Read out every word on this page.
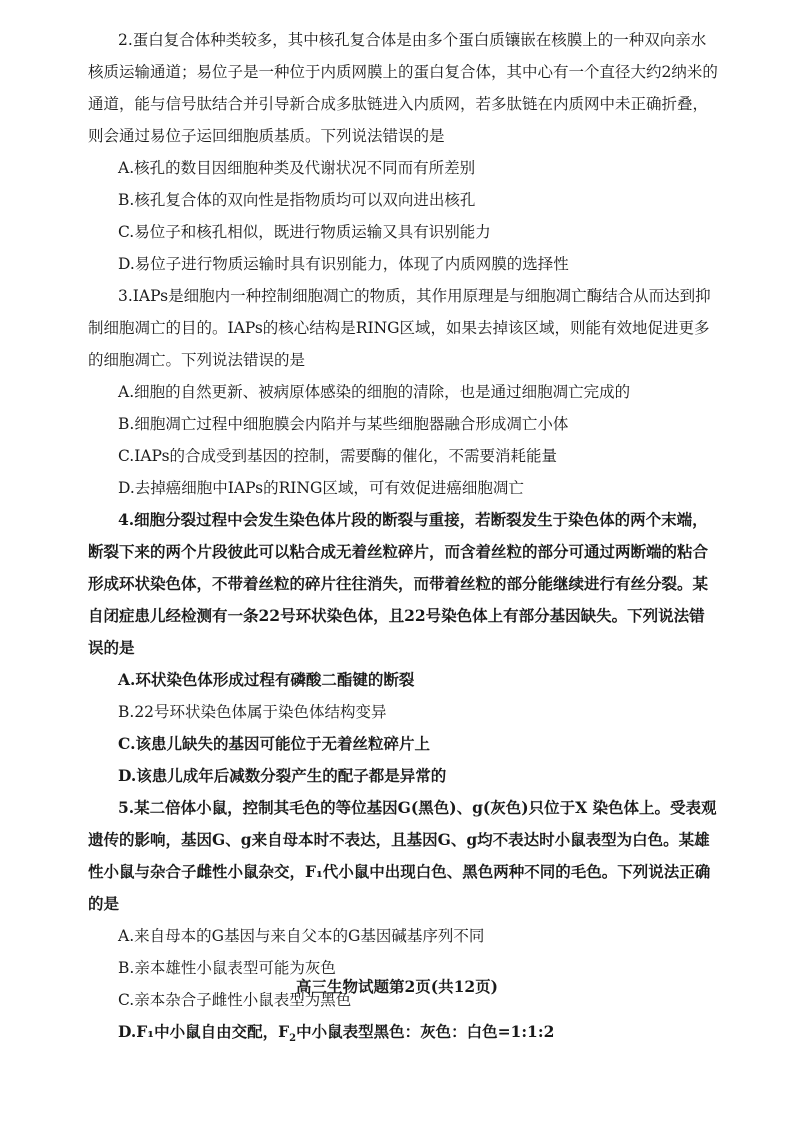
2.蛋白复合体种类较多，其中核孔复合体是由多个蛋白质镶嵌在核膜上的一种双向亲水核质运输通道；易位子是一种位于内质网膜上的蛋白复合体，其中心有一个直径大约2纳米的通道，能与信号肽结合并引导新合成多肽链进入内质网，若多肽链在内质网中未正确折叠，则会通过易位子运回细胞质基质。下列说法错误的是

A.核孔的数目因细胞种类及代谢状况不同而有所差别

B.核孔复合体的双向性是指物质均可以双向进出核孔

C.易位子和核孔相似，既进行物质运输又具有识别能力

D.易位子进行物质运输时具有识别能力，体现了内质网膜的选择性

3.IAPs是细胞内一种控制细胞凋亡的物质，其作用原理是与细胞凋亡酶结合从而达到抑制细胞凋亡的目的。IAPs的核心结构是RING区域，如果去掉该区域，则能有效地促进更多的细胞凋亡。下列说法错误的是

A.细胞的自然更新、被病原体感染的细胞的清除，也是通过细胞凋亡完成的

B.细胞凋亡过程中细胞膜会内陷并与某些细胞器融合形成凋亡小体

C.IAPs的合成受到基因的控制，需要酶的催化，不需要消耗能量

D.去掉癌细胞中IAPs的RING区域，可有效促进癌细胞凋亡

4.细胞分裂过程中会发生染色体片段的断裂与重接，若断裂发生于染色体的两个末端，断裂下来的两个片段彼此可以粘合成无着丝粒碎片，而含着丝粒的部分可通过两断端的粘合形成环状染色体，不带着丝粒的碎片往往消失，而带着丝粒的部分能继续进行有丝分裂。某自闭症患儿经检测有一条22号环状染色体，且22号染色体上有部分基因缺失。下列说法错误的是

A.环状染色体形成过程有磷酸二酯键的断裂

B.22号环状染色体属于染色体结构变异

C.该患儿缺失的基因可能位于无着丝粒碎片上

D.该患儿成年后减数分裂产生的配子都是异常的

5.某二倍体小鼠，控制其毛色的等位基因G(黑色)、g(灰色)只位于X 染色体上。受表观遗传的影响，基因G、g来自母本时不表达，且基因G、g均不表达时小鼠表型为白色。某雄性小鼠与杂合子雌性小鼠杂交，F₁代小鼠中出现白色、黑色两种不同的毛色。下列说法正确的是

A.来自母本的G基因与来自父本的G基因碱基序列不同

B.亲本雄性小鼠表型可能为灰色

C.亲本杂合子雌性小鼠表型为黑色

D.F₁中小鼠自由交配，$F_2$中小鼠表型黑色：灰色：白色=1:1:2

高三生物试题第2页(共12页)
